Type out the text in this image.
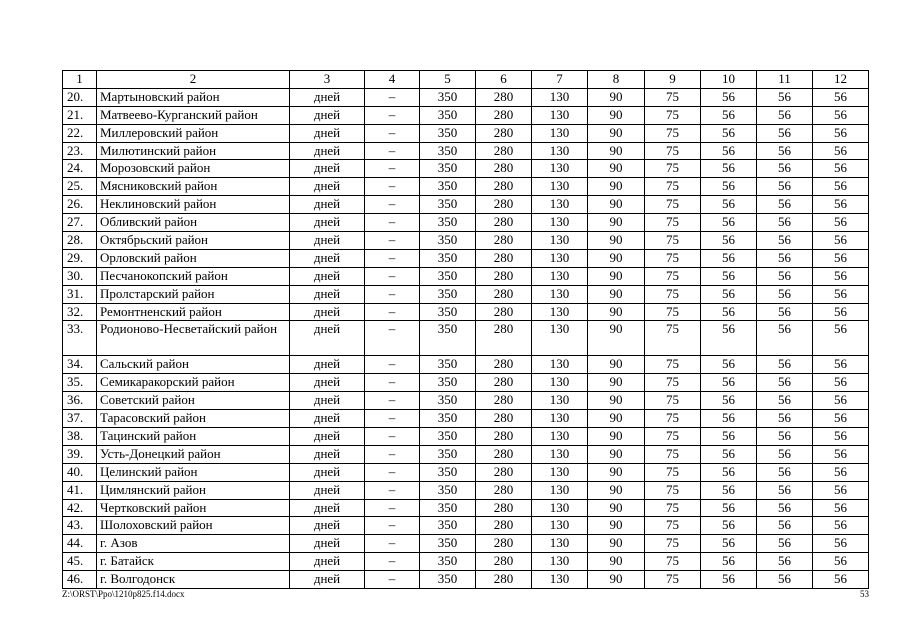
1	2	3	4	5	6	7	8	9	10	11	12
20.	Мартыновский район	дней	–	350	280	130	90	75	56	56	56
21.	Матвеево-Курганский район	дней	–	350	280	130	90	75	56	56	56
22.	Миллеровский район	дней	–	350	280	130	90	75	56	56	56
23.	Милютинский район	дней	–	350	280	130	90	75	56	56	56
24.	Морозовский район	дней	–	350	280	130	90	75	56	56	56
25.	Мясниковский район	дней	–	350	280	130	90	75	56	56	56
26.	Неклиновский район	дней	–	350	280	130	90	75	56	56	56
27.	Обливский район	дней	–	350	280	130	90	75	56	56	56
28.	Октябрьский район	дней	–	350	280	130	90	75	56	56	56
29.	Орловский район	дней	–	350	280	130	90	75	56	56	56
30.	Песчанокопский район	дней	–	350	280	130	90	75	56	56	56
31.	Пролстарский район	дней	–	350	280	130	90	75	56	56	56
32.	Ремонтненский район	дней	–	350	280	130	90	75	56	56	56
33.	Родионово-Несветайский район	дней	–	350	280	130	90	75	56	56	56
34.	Сальский район	дней	–	350	280	130	90	75	56	56	56
35.	Семикаракорский район	дней	–	350	280	130	90	75	56	56	56
36.	Советский район	дней	–	350	280	130	90	75	56	56	56
37.	Тарасовский район	дней	–	350	280	130	90	75	56	56	56
38.	Тацинский район	дней	–	350	280	130	90	75	56	56	56
39.	Усть-Донецкий район	дней	–	350	280	130	90	75	56	56	56
40.	Целинский район	дней	–	350	280	130	90	75	56	56	56
41.	Цимлянский район	дней	–	350	280	130	90	75	56	56	56
42.	Чертковский район	дней	–	350	280	130	90	75	56	56	56
43.	Шолоховский район	дней	–	350	280	130	90	75	56	56	56
44.	г. Азов	дней	–	350	280	130	90	75	56	56	56
45.	г. Батайск	дней	–	350	280	130	90	75	56	56	56
46.	г. Волгодонск	дней	–	350	280	130	90	75	56	56	56
Z:\ORST\Ppo\1210p825.f14.docx	53
